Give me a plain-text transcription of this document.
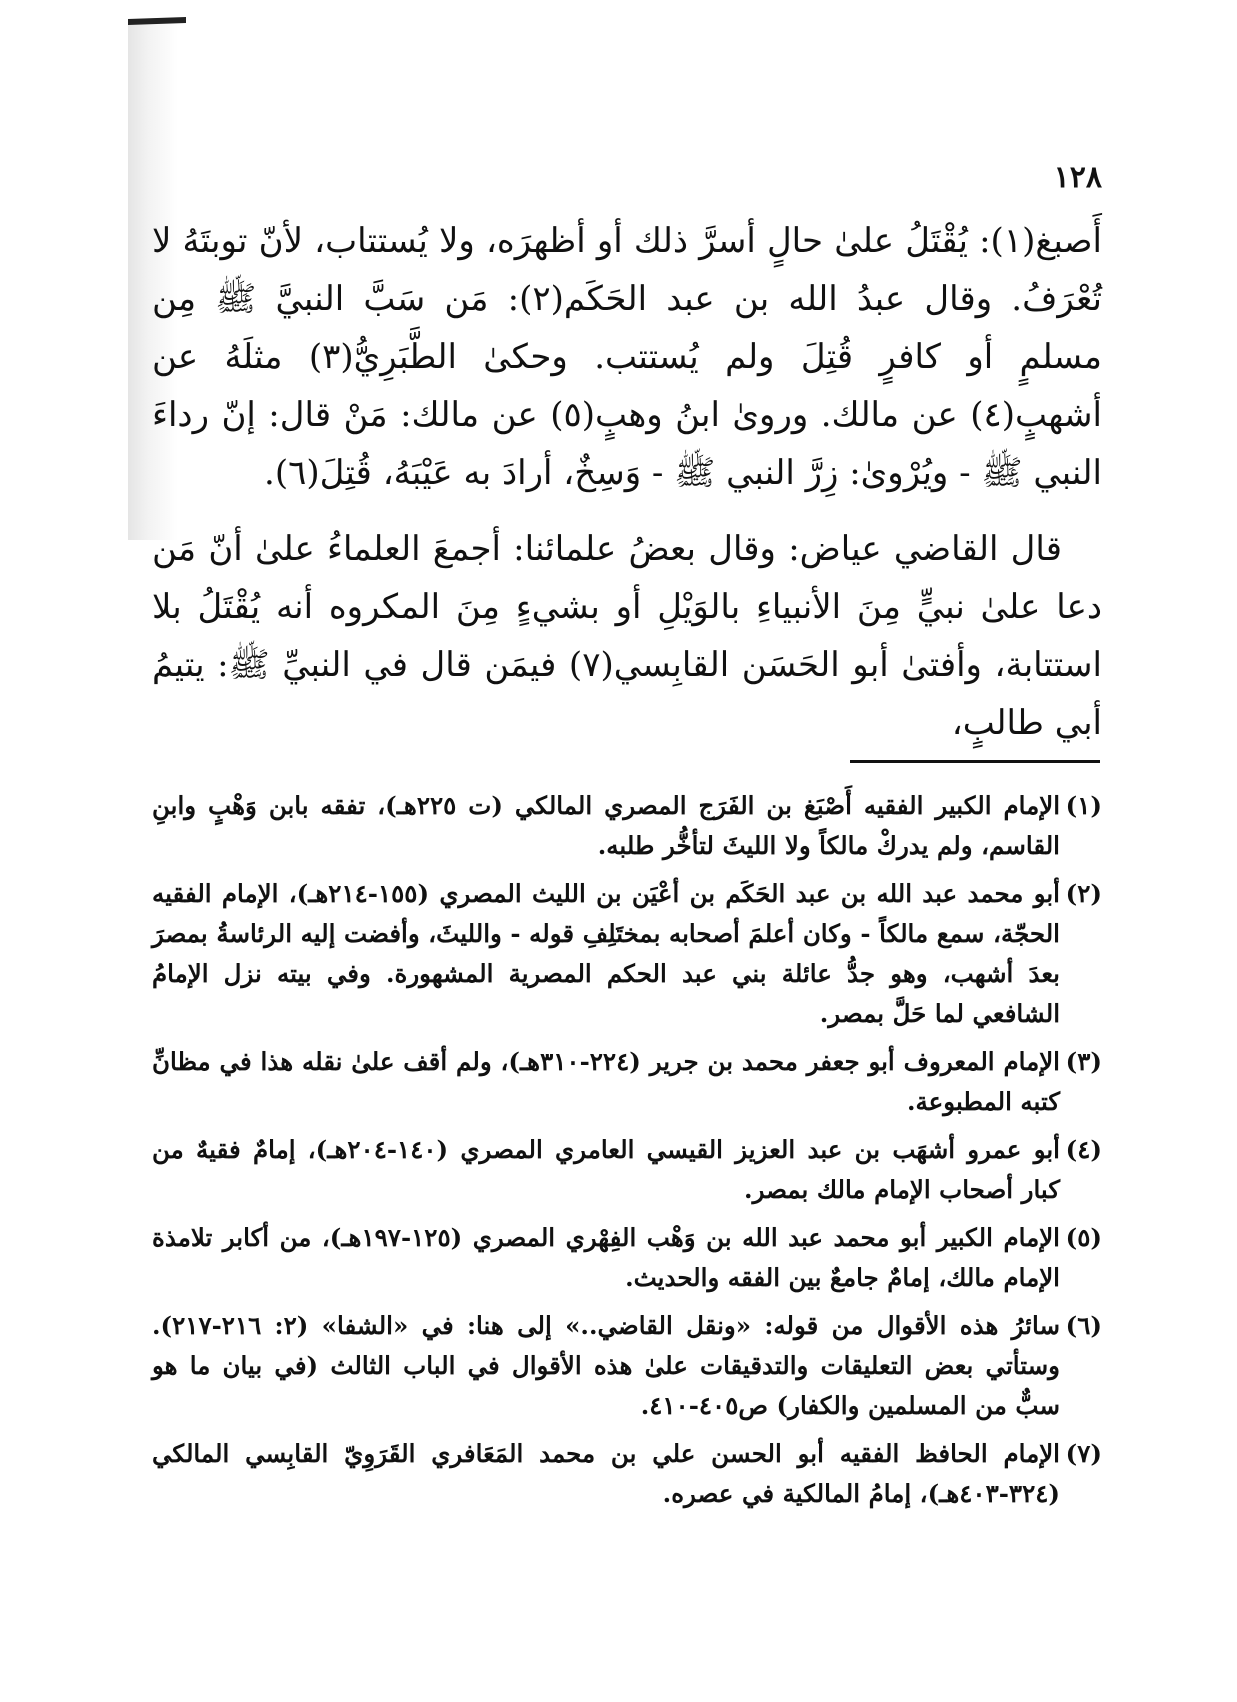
١٢٨

أَصبغ(١): يُقْتَلُ علىٰ حالٍ أسرَّ ذلك أو أظهرَه، ولا يُستتاب، لأنّ توبتَهُ لا تُعْرَفُ. وقال عبدُ الله بن عبد الحَكَم(٢): مَن سَبَّ النبيَّ ﷺ مِن مسلمٍ أو كافرٍ قُتِلَ ولم يُستتب. وحكىٰ الطَّبَرِيُّ(٣) مثلَهُ عن أشهبٍ(٤) عن مالك. وروىٰ ابنُ وهبٍ(٥) عن مالك: مَنْ قال: إنّ رداءَ النبي ﷺ - ويُرْوىٰ: زِرَّ النبي ﷺ - وَسِخٌ، أرادَ به عَيْبَهُ، قُتِلَ(٦).

قال القاضي عياض: وقال بعضُ علمائنا: أجمعَ العلماءُ علىٰ أنّ مَن دعا علىٰ نبيٍّ مِنَ الأنبياءِ بالوَيْلِ أو بشيءٍ مِنَ المكروه أنه يُقْتَلُ بلا استتابة، وأفتىٰ أبو الحَسَن القابِسي(٧) فيمَن قال في النبيِّ ﷺ: يتيمُ أبي طالبٍ،

(١)
الإمام الكبير الفقيه أَصْبَغ بن الفَرَج المصري المالكي (ت ٢٢٥هـ)، تفقه بابن وَهْبٍ وابنِ القاسم، ولم يدركْ مالكاً ولا الليثَ لتأخُّر طلبه.
(٢)
أبو محمد عبد الله بن عبد الحَكَم بن أعْيَن بن الليث المصري (١٥٥-٢١٤هـ)، الإمام الفقيه الحجّة، سمع مالكاً - وكان أعلمَ أصحابه بمختَلِفِ قوله - والليثَ، وأفضت إليه الرئاسةُ بمصرَ بعدَ أشهب، وهو جدُّ عائلة بني عبد الحكم المصرية المشهورة. وفي بيته نزل الإمامُ الشافعي لما حَلَّ بمصر.
(٣)
الإمام المعروف أبو جعفر محمد بن جرير (٢٢٤-٣١٠هـ)، ولم أقف علىٰ نقله هذا في مظانِّ كتبه المطبوعة.
(٤)
أبو عمرو أشهَب بن عبد العزيز القيسي العامري المصري (١٤٠-٢٠٤هـ)، إمامٌ فقيهٌ من كبار أصحاب الإمام مالك بمصر.
(٥)
الإمام الكبير أبو محمد عبد الله بن وَهْب الفِهْري المصري (١٢٥-١٩٧هـ)، من أكابر تلامذة الإمام مالك، إمامٌ جامعٌ بين الفقه والحديث.
(٦)
سائرُ هذه الأقوال من قوله: «ونقل القاضي..» إلى هنا: في «الشفا» (٢: ٢١٦-٢١٧). وستأتي بعض التعليقات والتدقيقات علىٰ هذه الأقوال في الباب الثالث (في بيان ما هو سبٌّ من المسلمين والكفار) ص٤٠٥-٤١٠.
(٧)
الإمام الحافظ الفقيه أبو الحسن علي بن محمد المَعَافري القَرَوِيّ القابِسي المالكي (٣٢٤-٤٠٣هـ)، إمامُ المالكية في عصره.
